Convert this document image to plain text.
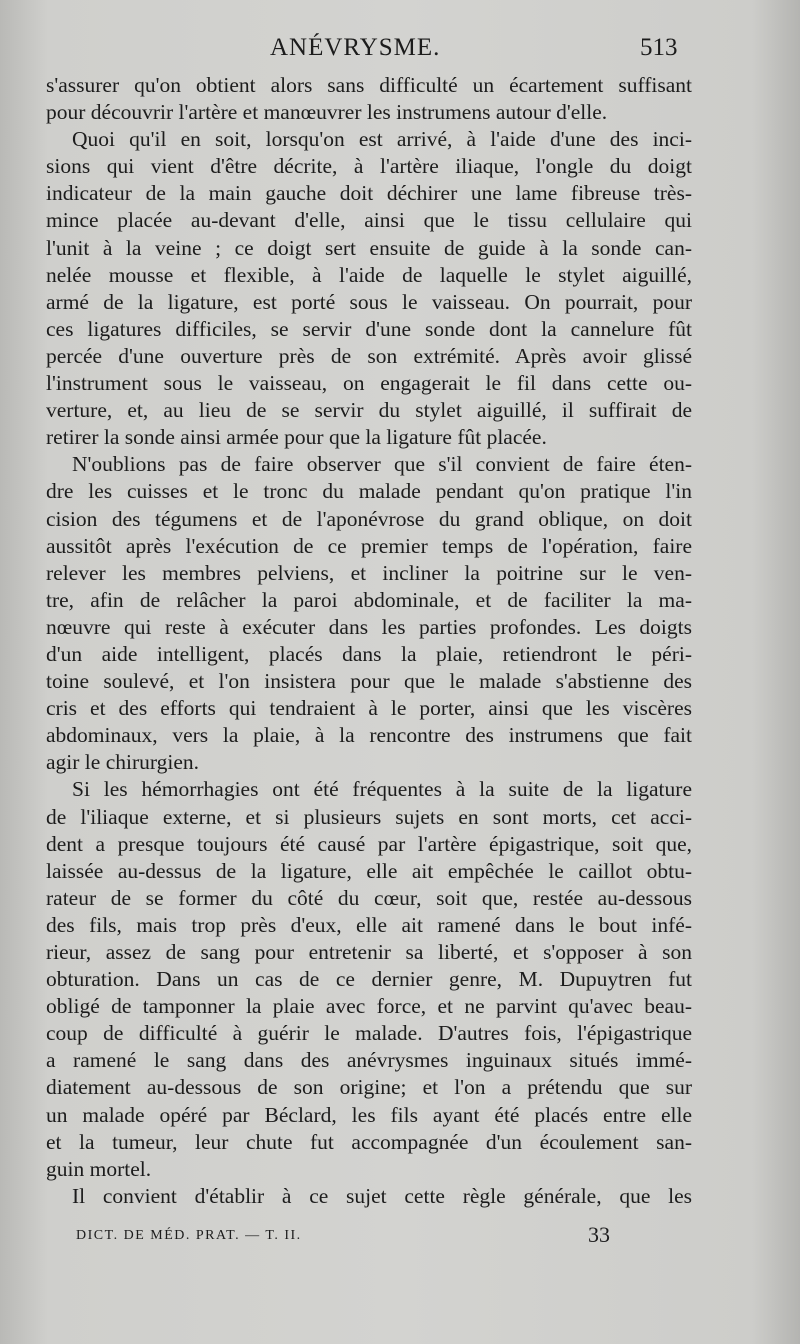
ANÉVRYSME.	513
s'assurer qu'on obtient alors sans difficulté un écartement suffisant
pour découvrir l'artère et manœuvrer les instrumens autour d'elle.
Quoi qu'il en soit, lorsqu'on est arrivé, à l'aide d'une des inci-
sions qui vient d'être décrite, à l'artère iliaque, l'ongle du doigt
indicateur de la main gauche doit déchirer une lame fibreuse très-
mince placée au-devant d'elle, ainsi que le tissu cellulaire qui
l'unit à la veine ; ce doigt sert ensuite de guide à la sonde can-
nelée mousse et flexible, à l'aide de laquelle le stylet aiguillé,
armé de la ligature, est porté sous le vaisseau. On pourrait, pour
ces ligatures difficiles, se servir d'une sonde dont la cannelure fût
percée d'une ouverture près de son extrémité. Après avoir glissé
l'instrument sous le vaisseau, on engagerait le fil dans cette ou-
verture, et, au lieu de se servir du stylet aiguillé, il suffirait de
retirer la sonde ainsi armée pour que la ligature fût placée.
N'oublions pas de faire observer que s'il convient de faire éten-
dre les cuisses et le tronc du malade pendant qu'on pratique l'in
cision des tégumens et de l'aponévrose du grand oblique, on doit
aussitôt après l'exécution de ce premier temps de l'opération, faire
relever les membres pelviens, et incliner la poitrine sur le ven-
tre, afin de relâcher la paroi abdominale, et de faciliter la ma-
nœuvre qui reste à exécuter dans les parties profondes. Les doigts
d'un aide intelligent, placés dans la plaie, retiendront le péri-
toine soulevé, et l'on insistera pour que le malade s'abstienne des
cris et des efforts qui tendraient à le porter, ainsi que les viscères
abdominaux, vers la plaie, à la rencontre des instrumens que fait
agir le chirurgien.
Si les hémorrhagies ont été fréquentes à la suite de la ligature
de l'iliaque externe, et si plusieurs sujets en sont morts, cet acci-
dent a presque toujours été causé par l'artère épigastrique, soit que,
laissée au-dessus de la ligature, elle ait empêchée le caillot obtu-
rateur de se former du côté du cœur, soit que, restée au-dessous
des fils, mais trop près d'eux, elle ait ramené dans le bout infé-
rieur, assez de sang pour entretenir sa liberté, et s'opposer à son
obturation. Dans un cas de ce dernier genre, M. Dupuytren fut
obligé de tamponner la plaie avec force, et ne parvint qu'avec beau-
coup de difficulté à guérir le malade. D'autres fois, l'épigastrique
a ramené le sang dans des anévrysmes inguinaux situés immé-
diatement au-dessous de son origine; et l'on a prétendu que sur
un malade opéré par Béclard, les fils ayant été placés entre elle
et la tumeur, leur chute fut accompagnée d'un écoulement san-
guin mortel.
Il convient d'établir à ce sujet cette règle générale, que les
DICT. DE MÉD. PRAT. — T. II.	33
